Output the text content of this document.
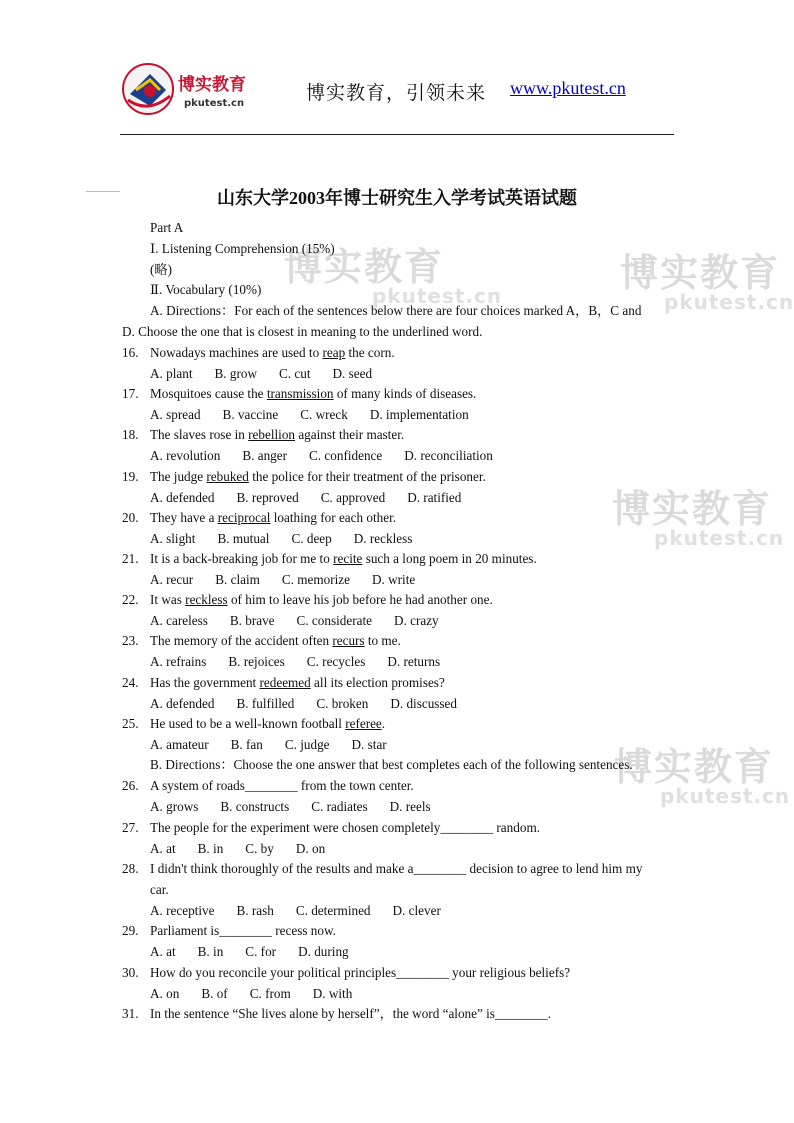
博实教育
pkutest.cn	博实教育，引领未来 www.pkutest.cn
博实教育
pkutest.cn
博实教育
pkutest.cn
博实教育
pkutest.cn
博实教育
pkutest.cn
山东大学2003年博士研究生入学考试英语试题
Part A
Ⅰ. Listening Comprehension (15%)
(略)
Ⅱ. Vocabulary (10%)
A. Directions：For each of the sentences below there are four choices marked A，B，C and
D. Choose the one that is closest in meaning to the underlined word.
16. Nowadays machines are used to reap the corn.
A. plant B. grow C. cut D. seed
17. Mosquitoes cause the transmission of many kinds of diseases.
A. spread B. vaccine C. wreck D. implementation
18. The slaves rose in rebellion against their master.
A. revolution B. anger C. confidence D. reconciliation
19. The judge rebuked the police for their treatment of the prisoner.
A. defended B. reproved C. approved D. ratified
20. They have a reciprocal loathing for each other.
A. slight B. mutual C. deep D. reckless
21. It is a back-breaking job for me to recite such a long poem in 20 minutes.
A. recur B. claim C. memorize D. write
22. It was reckless of him to leave his job before he had another one.
A. careless B. brave C. considerate D. crazy
23. The memory of the accident often recurs to me.
A. refrains B. rejoices C. recycles D. returns
24. Has the government redeemed all its election promises?
A. defended B. fulfilled C. broken D. discussed
25. He used to be a well-known football referee.
A. amateur B. fan C. judge D. star
B. Directions：Choose the one answer that best completes each of the following sentences.
26. A system of roads________ from the town center.
A. grows B. constructs C. radiates D. reels
27. The people for the experiment were chosen completely________ random.
A. at B. in C. by D. on
28. I didn't think thoroughly of the results and make a________ decision to agree to lend him my
car.
A. receptive B. rash C. determined D. clever
29. Parliament is________ recess now.
A. at B. in C. for D. during
30. How do you reconcile your political principles________ your religious beliefs?
A. on B. of C. from D. with
31. In the sentence “She lives alone by herself”，the word “alone” is________.
